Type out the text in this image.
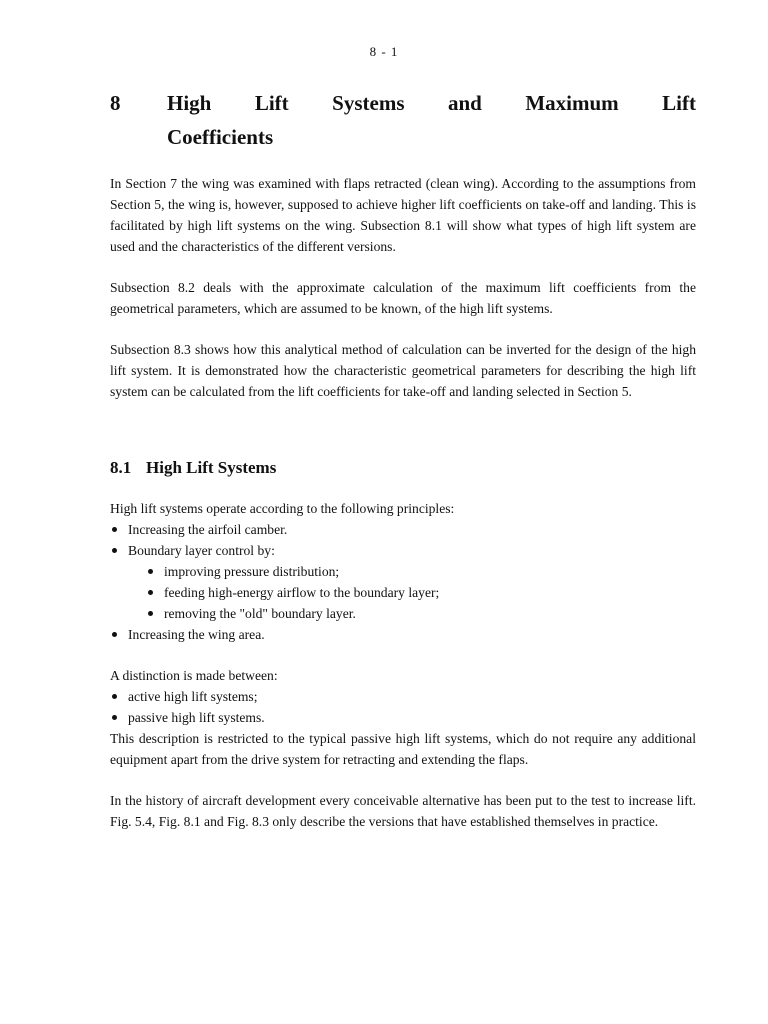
8 - 1
8 High Lift Systems and Maximum Lift
Coefficients

In Section 7 the wing was examined with flaps retracted (clean wing). According to the assumptions from Section 5, the wing is, however, supposed to achieve higher lift coefficients on take-off and landing. This is facilitated by high lift systems on the wing. Subsection 8.1 will show what types of high lift system are used and the characteristics of the different versions.

Subsection 8.2 deals with the approximate calculation of the maximum lift coefficients from the geometrical parameters, which are assumed to be known, of the high lift systems.

Subsection 8.3 shows how this analytical method of calculation can be inverted for the design of the high lift system. It is demonstrated how the characteristic geometrical parameters for describing the high lift system can be calculated from the lift coefficients for take-off and landing selected in Section 5.

8.1 High Lift Systems

High lift systems operate according to the following principles:

Increasing the airfoil camber.
Boundary layer control by:
improving pressure distribution;
feeding high-energy airflow to the boundary layer;
removing the "old" boundary layer.
Increasing the wing area.

A distinction is made between:

active high lift systems;
passive high lift systems.

This description is restricted to the typical passive high lift systems, which do not require any additional equipment apart from the drive system for retracting and extending the flaps.

In the history of aircraft development every conceivable alternative has been put to the test to increase lift. Fig. 5.4, Fig. 8.1 and Fig. 8.3 only describe the versions that have established themselves in practice.
